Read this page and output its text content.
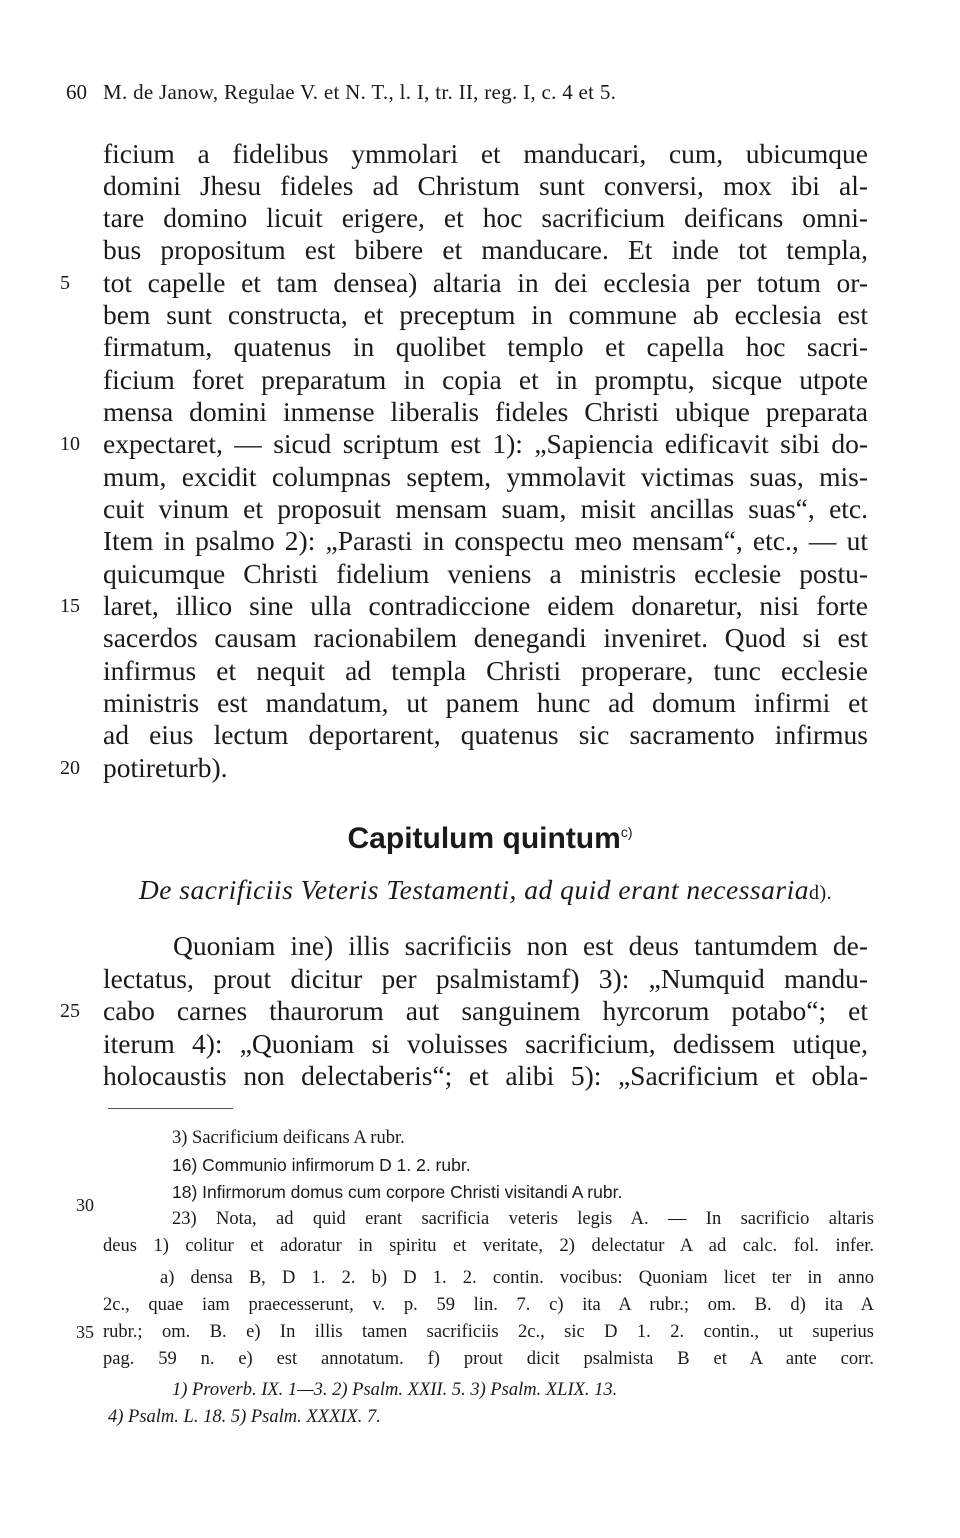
60 M. de Janow, Regulae V. et N. T., l. I, tr. II, reg. I, c. 4 et 5.
ficium a fidelibus ymmolari et manducari, cum, ubicumque
domini Jhesu fideles ad Christum sunt conversi, mox ibi al-
tare domino licuit erigere, et hoc sacrificium deificans omni-
bus propositum est bibere et manducare. Et inde tot templa,
tot capelle et tam densea) altaria in dei ecclesia per totum or-
bem sunt constructa, et preceptum in commune ab ecclesia est
firmatum, quatenus in quolibet templo et capella hoc sacri-
ficium foret preparatum in copia et in promptu, sicque utpote
mensa domini inmense liberalis fideles Christi ubique preparata
expectaret, — sicud scriptum est 1): „Sapiencia edificavit sibi do-
mum, excidit columpnas septem, ymmolavit victimas suas, mis-
cuit vinum et proposuit mensam suam, misit ancillas suas“, etc.
Item in psalmo 2): „Parasti in conspectu meo mensam“, etc., — ut
quicumque Christi fidelium veniens a ministris ecclesie postu-
laret, illico sine ulla contradiccione eidem donaretur, nisi forte
sacerdos causam racionabilem denegandi inveniret. Quod si est
infirmus et nequit ad templa Christi properare, tunc ecclesie
ministris est mandatum, ut panem hunc ad domum infirmi et
ad eius lectum deportarent, quatenus sic sacramento infirmus
potireturb).
5
10
15
20
Capitulum quintum$^{c)}$
De sacrificiis Veteris Testamenti, ad quid erant necessariad).
Quoniam ine) illis sacrificiis non est deus tantumdem de-
lectatus, prout dicitur per psalmistamf) 3): „Numquid mandu-
cabo carnes thaurorum aut sanguinem hyrcorum potabo“; et
iterum 4): „Quoniam si voluisses sacrificium, dedissem utique,
holocaustis non delectaberis“; et alibi 5): „Sacrificium et obla-
25
3) Sacrificium deificans A rubr.
16) Communio infirmorum D 1. 2. rubr.
18) Infirmorum domus cum corpore Christi visitandi A rubr.
23) Nota, ad quid erant sacrificia veteris legis A. — In sacrificio altaris
deus 1) colitur et adoratur in spiritu et veritate, 2) delectatur A ad calc. fol. infer.
a) densa B, D 1. 2. b) D 1. 2. contin. vocibus: Quoniam licet ter in anno
2c., quae iam praecesserunt, v. p. 59 lin. 7. c) ita A rubr.; om. B. d) ita A
rubr.; om. B. e) In illis tamen sacrificiis 2c., sic D 1. 2. contin., ut superius
pag. 59 n. e) est annotatum. f) prout dicit psalmista B et A ante corr.
1) Proverb. IX. 1—3. 2) Psalm. XXII. 5. 3) Psalm. XLIX. 13.
4) Psalm. L. 18. 5) Psalm. XXXIX. 7.
30
35
